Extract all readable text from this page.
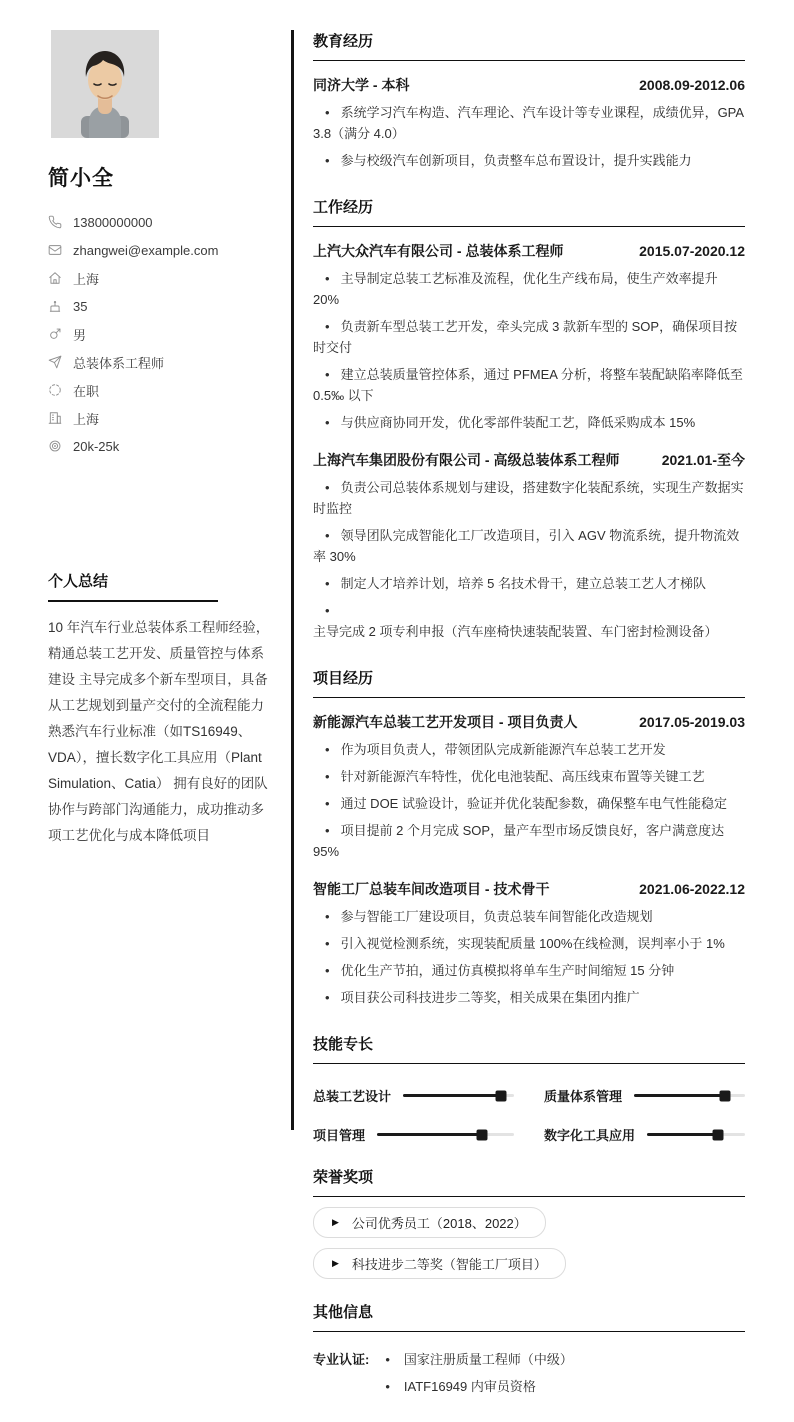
简小全
13800000000
zhangwei@example.com
上海
35
男
总装体系工程师
在职
上海
20k-25k
个人总结
10 年汽车行业总装体系工程师经验，精通总装工艺开发、质量管控与体系建设 主导完成多个新车型项目，具备从工艺规划到量产交付的全流程能力 熟悉汽车行业标准（如TS16949、VDA），擅长数字化工具应用（Plant Simulation、Catia） 拥有良好的团队协作与跨部门沟通能力，成功推动多项工艺优化与成本降低项目
教育经历
同济大学 - 本科	2008.09-2012.06
• 系统学习汽车构造、汽车理论、汽车设计等专业课程，成绩优异，GPA 3.8（满分 4.0）
• 参与校级汽车创新项目，负责整车总布置设计，提升实践能力
工作经历
上汽大众汽车有限公司 - 总装体系工程师	2015.07-2020.12
• 主导制定总装工艺标准及流程，优化生产线布局，使生产效率提升 20%
• 负责新车型总装工艺开发，牵头完成 3 款新车型的 SOP，确保项目按时交付
• 建立总装质量管控体系，通过 PFMEA 分析，将整车装配缺陷率降低至 0.5‰ 以下
• 与供应商协同开发，优化零部件装配工艺，降低采购成本 15%
上海汽车集团股份有限公司 - 高级总装体系工程师	2021.01-至今
• 负责公司总装体系规划与建设，搭建数字化装配系统，实现生产数据实时监控
• 领导团队完成智能化工厂改造项目，引入 AGV 物流系统，提升物流效率 30%
• 制定人才培养计划，培养 5 名技术骨干，建立总装工艺人才梯队
• 主导完成 2 项专利申报（汽车座椅快速装配装置、车门密封检测设备）
项目经历
新能源汽车总装工艺开发项目 - 项目负责人	2017.05-2019.03
• 作为项目负责人，带领团队完成新能源汽车总装工艺开发
• 针对新能源汽车特性，优化电池装配、高压线束布置等关键工艺
• 通过 DOE 试验设计，验证并优化装配参数，确保整车电气性能稳定
• 项目提前 2 个月完成 SOP，量产车型市场反馈良好，客户满意度达 95%
智能工厂总装车间改造项目 - 技术骨干	2021.06-2022.12
• 参与智能工厂建设项目，负责总装车间智能化改造规划
• 引入视觉检测系统，实现装配质量 100%在线检测，误判率小于 1%
• 优化生产节拍，通过仿真模拟将单车生产时间缩短 15 分钟
• 项目获公司科技进步二等奖，相关成果在集团内推广
技能专长
总装工艺设计	质量体系管理
项目管理	数字化工具应用
荣誉奖项
▶ 公司优秀员工（2018、2022）
▶ 科技进步二等奖（智能工厂项目）
其他信息
专业认证:	• 国家注册质量工程师（中级）
• IATF16949 内审员资格
